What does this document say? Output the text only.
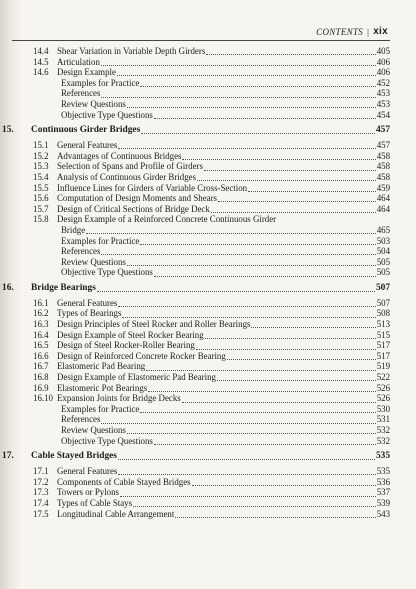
CONTENTS | xix
14.4 Shear Variation in Variable Depth Girders	405
14.5 Articulation	406
14.6 Design Example	406
Examples for Practice	452
References	453
Review Questions	453
Objective Type Questions	454
15.	Continuous Girder Bridges	457
15.1 General Features	457
15.2 Advantages of Continuous Bridges	458
15.3 Selection of Spans and Profile of Girders	458
15.4 Analysis of Continuous Girder Bridges	458
15.5 Influence Lines for Girders of Variable Cross-Section	459
15.6 Computation of Design Moments and Shears	464
15.7 Design of Critical Sections of Bridge Deck	464
15.8 Design Example of a Reinforced Concrete Continuous Girder
Bridge	465
Examples for Practice	503
References	504
Review Questions	505
Objective Type Questions	505
16.	Bridge Bearings	507
16.1 General Features	507
16.2 Types of Bearings	508
16.3 Design Principles of Steel Rocker and Roller Bearings	513
16.4 Design Example of Steel Rocker Bearing	515
16.5 Design of Steel Rocker-Roller Bearing	517
16.6 Design of Reinforced Concrete Rocker Bearing	517
16.7 Elastomeric Pad Bearing	519
16.8 Design Example of Elastomeric Pad Bearing	522
16.9 Elastomeric Pot Bearings	526
16.10 Expansion Joints for Bridge Decks	526
Examples for Practice	530
References	531
Review Questions	532
Objective Type Questions	532
17.	Cable Stayed Bridges	535
17.1 General Features	535
17.2 Components of Cable Stayed Bridges	536
17.3 Towers or Pylons	537
17.4 Types of Cable Stays	539
17.5 Longitudinal Cable Arrangement	543
